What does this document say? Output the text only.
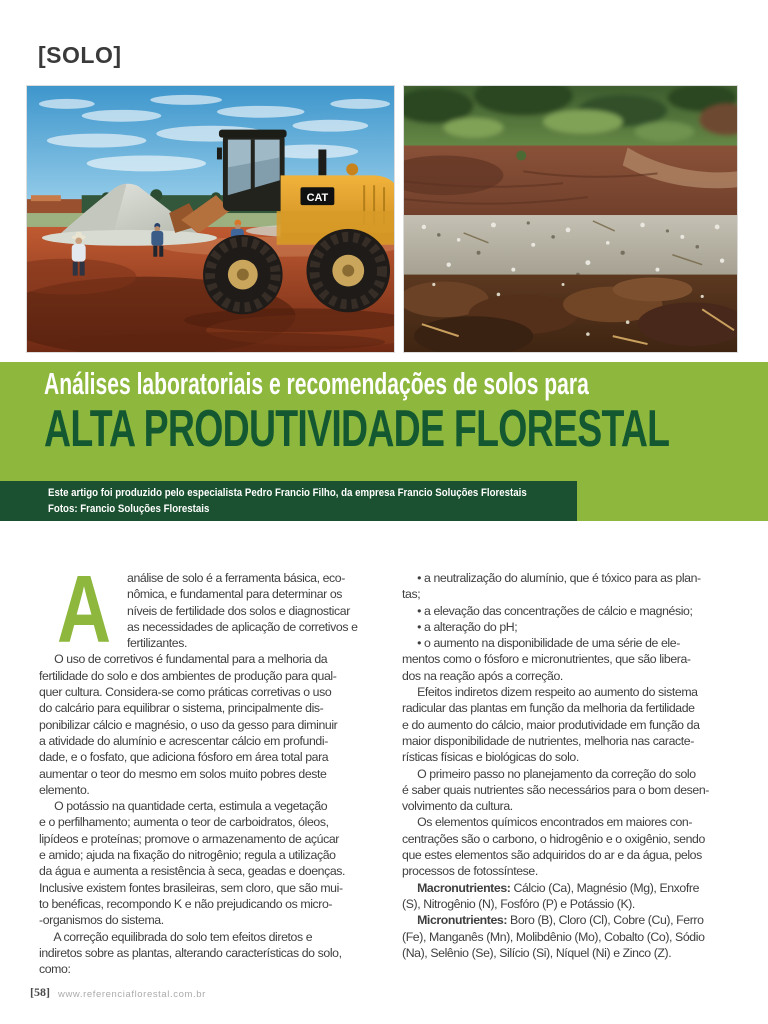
[SOLO]
CAT
Análises laboratoriais e recomendações de solos para
ALTA PRODUTIVIDADE FLORESTAL
Este artigo foi produzido pelo especialista Pedro Francio Filho, da empresa Francio Soluções Florestais
Fotos: Francio Soluções Florestais
A	análise de solo é a ferramenta básica, eco-
nômica, e fundamental para determinar os
níveis de fertilidade dos solos e diagnosticar
as necessidades de aplicação de corretivos e
fertilizantes.
O uso de corretivos é fundamental para a melhoria da
fertilidade do solo e dos ambientes de produção para qual-
quer cultura. Considera-se como práticas corretivas o uso
do calcário para equilibrar o sistema, principalmente dis-
ponibilizar cálcio e magnésio, o uso da gesso para diminuir
a atividade do alumínio e acrescentar cálcio em profundi-
dade, e o fosfato, que adiciona fósforo em área total para
aumentar o teor do mesmo em solos muito pobres deste
elemento.
O potássio na quantidade certa, estimula a vegetação
e o perfilhamento; aumenta o teor de carboidratos, óleos,
lipídeos e proteínas; promove o armazenamento de açúcar
e amido; ajuda na fixação do nitrogênio; regula a utilização
da água e aumenta a resistência à seca, geadas e doenças.
Inclusive existem fontes brasileiras, sem cloro, que são mui-
to benéficas, recompondo K e não prejudicando os micro-
-organismos do sistema.
A correção equilibrada do solo tem efeitos diretos e
indiretos sobre as plantas, alterando características do solo,
como:
• a neutralização do alumínio, que é tóxico para as plan-
tas;
• a elevação das concentrações de cálcio e magnésio;
• a alteração do pH;
• o aumento na disponibilidade de uma série de ele-
mentos como o fósforo e micronutrientes, que são libera-
dos na reação após a correção.
Efeitos indiretos dizem respeito ao aumento do sistema
radicular das plantas em função da melhoria da fertilidade
e do aumento do cálcio, maior produtividade em função da
maior disponibilidade de nutrientes, melhoria nas caracte-
rísticas físicas e biológicas do solo.
O primeiro passo no planejamento da correção do solo
é saber quais nutrientes são necessários para o bom desen-
volvimento da cultura.
Os elementos químicos encontrados em maiores con-
centrações são o carbono, o hidrogênio e o oxigênio, sendo
que estes elementos são adquiridos do ar e da água, pelos
processos de fotossíntese.
Macronutrientes: Cálcio (Ca), Magnésio (Mg), Enxofre
(S), Nitrogênio (N), Fosfóro (P) e Potássio (K).
Micronutrientes: Boro (B), Cloro (Cl), Cobre (Cu), Ferro
(Fe), Manganês (Mn), Molibdênio (Mo), Cobalto (Co), Sódio
(Na), Selênio (Se), Silício (Si), Níquel (Ni) e Zinco (Z).
[58] www.referenciaflorestal.com.br
